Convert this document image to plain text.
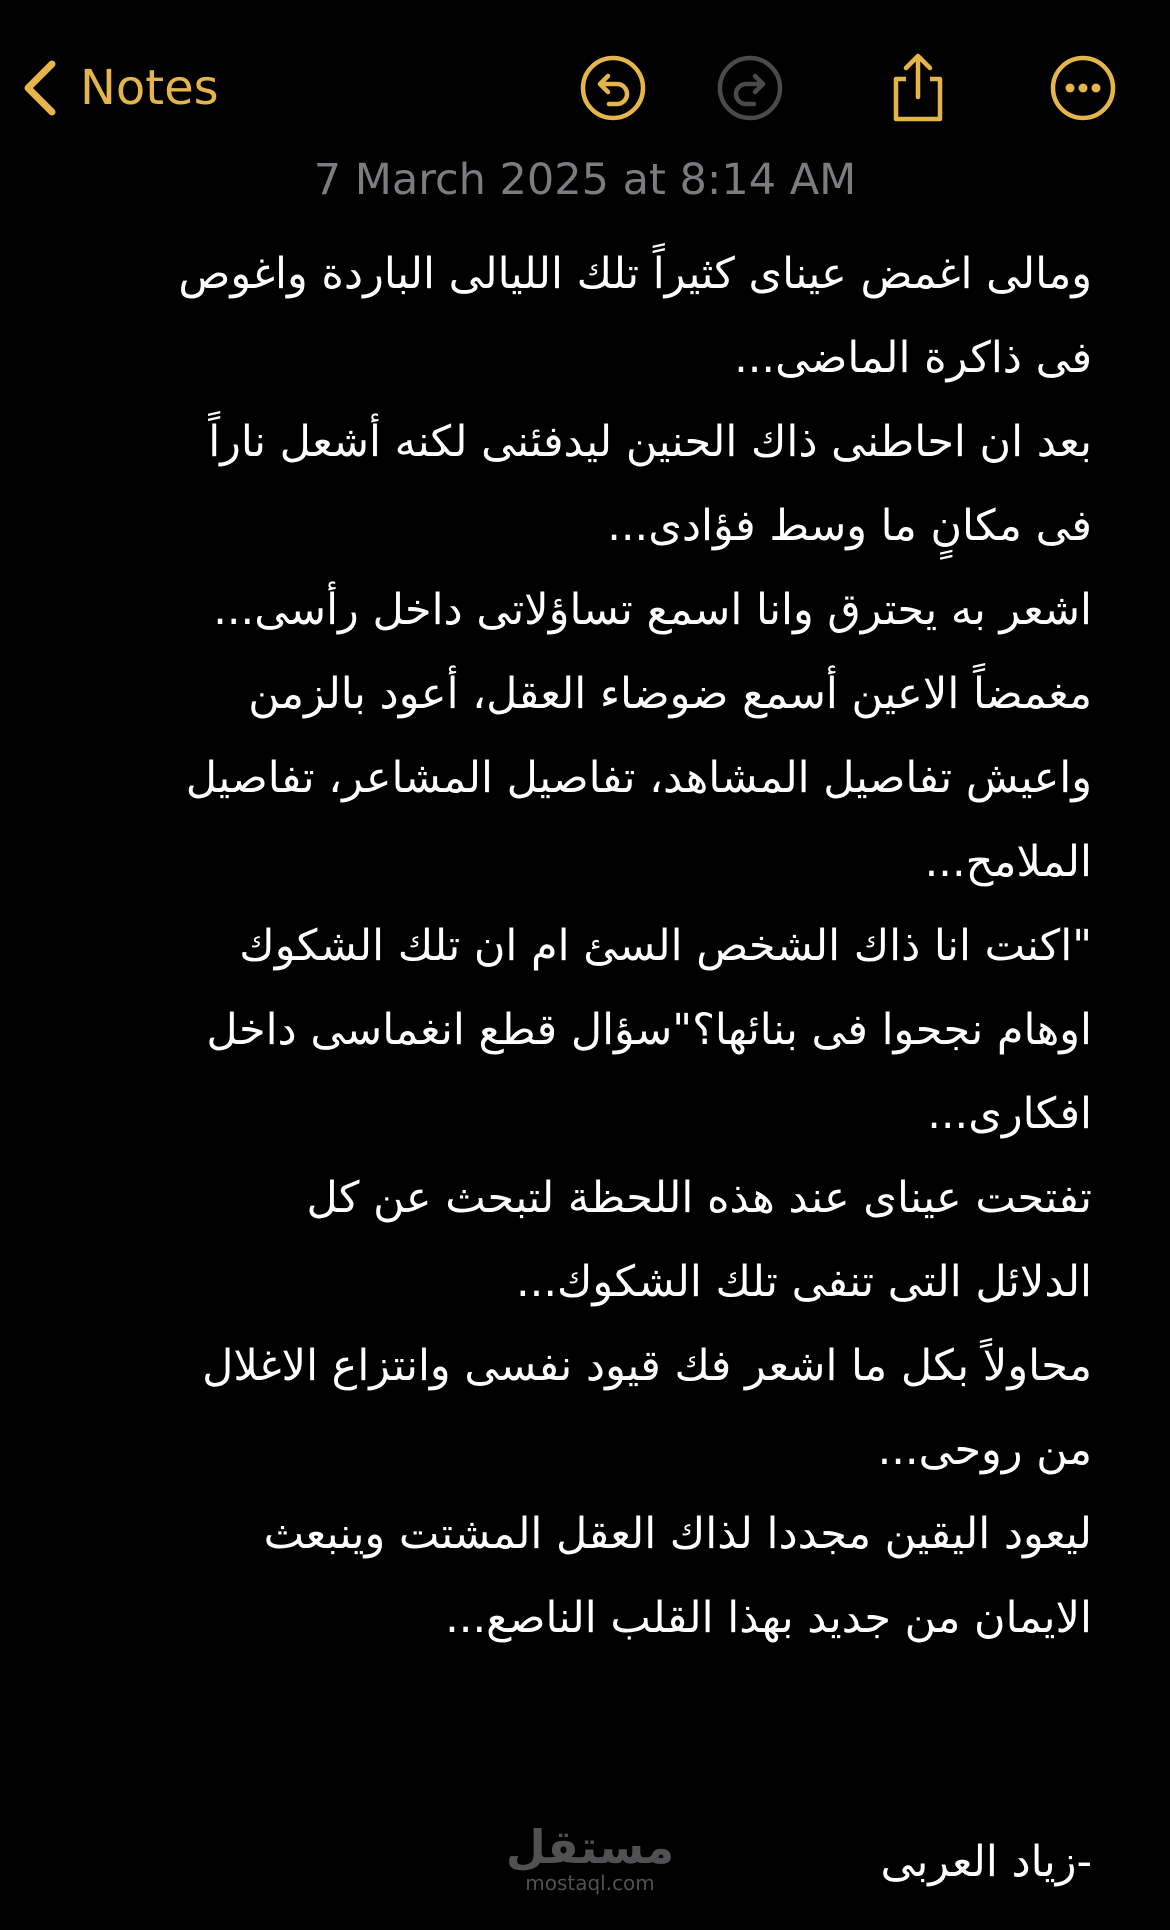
Notes
7 March 2025 at 8:14 AM
ومالى اغمض عيناى كثيراً تلك الليالى الباردة واغوص
فى ذاكرة الماضى...
بعد ان احاطنى ذاك الحنين ليدفئنى لكنه أشعل ناراً
فى مكانٍ ما وسط فؤادى...
اشعر به يحترق وانا اسمع تساؤلاتى داخل رأسى...
مغمضاً الاعين أسمع ضوضاء العقل، أعود بالزمن
واعيش تفاصيل المشاهد، تفاصيل المشاعر، تفاصيل
الملامح...
"اكنت انا ذاك الشخص السئ ام ان تلك الشكوك
اوهام نجحوا فى بنائها؟"سؤال قطع انغماسى داخل
افكارى...
تفتحت عيناى عند هذه اللحظة لتبحث عن كل
الدلائل التى تنفى تلك الشكوك...
محاولاً بكل ما اشعر فك قيود نفسى وانتزاع الاغلال
من روحى...
ليعود اليقين مجددا لذاك العقل المشتت وينبعث
الايمان من جديد بهذا القلب الناصع...
مستقل
mostaql.com	-زياد العربى
